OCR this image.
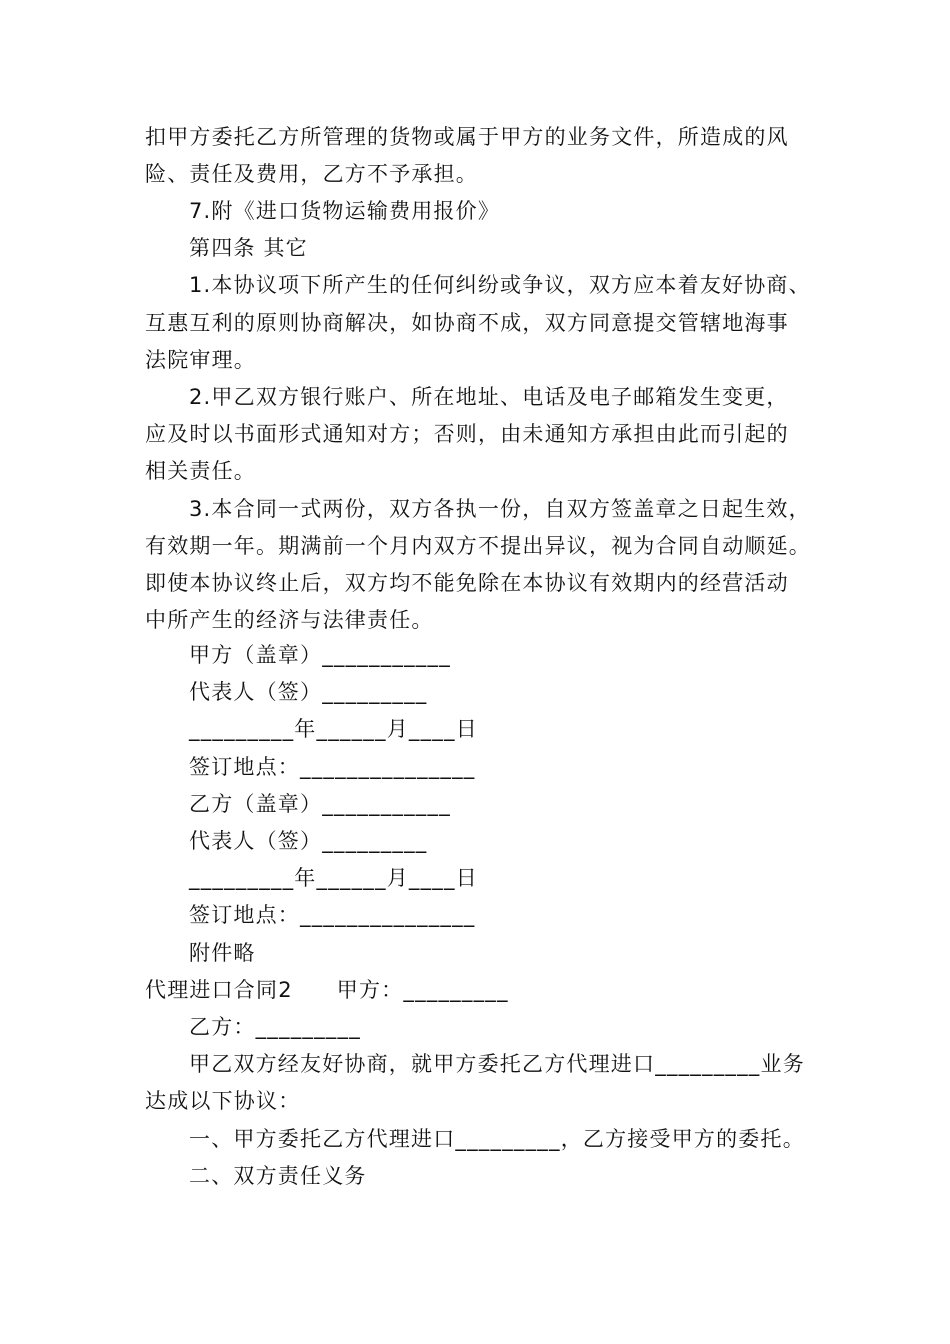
扣甲方委托乙方所管理的货物或属于甲方的业务文件，所造成的风
险、责任及费用，乙方不予承担。
7.附《进口货物运输费用报价》
第四条 其它
1.本协议项下所产生的任何纠纷或争议，双方应本着友好协商、
互惠互利的原则协商解决，如协商不成，双方同意提交管辖地海事
法院审理。
2.甲乙双方银行账户、所在地址、电话及电子邮箱发生变更，
应及时以书面形式通知对方；否则，由未通知方承担由此而引起的
相关责任。
3.本合同一式两份，双方各执一份，自双方签盖章之日起生效，
有效期一年。期满前一个月内双方不提出异议，视为合同自动顺延。
即使本协议终止后，双方均不能免除在本协议有效期内的经营活动
中所产生的经济与法律责任。
甲方（盖章）___________
代表人（签）_________
_________年______月____日
签订地点：_______________
乙方（盖章）___________
代表人（签）_________
_________年______月____日
签订地点：_______________
附件略
代理进口合同2 甲方：_________
乙方：_________
甲乙双方经友好协商，就甲方委托乙方代理进口_________业务
达成以下协议：
一、甲方委托乙方代理进口_________，乙方接受甲方的委托。
二、双方责任义务
